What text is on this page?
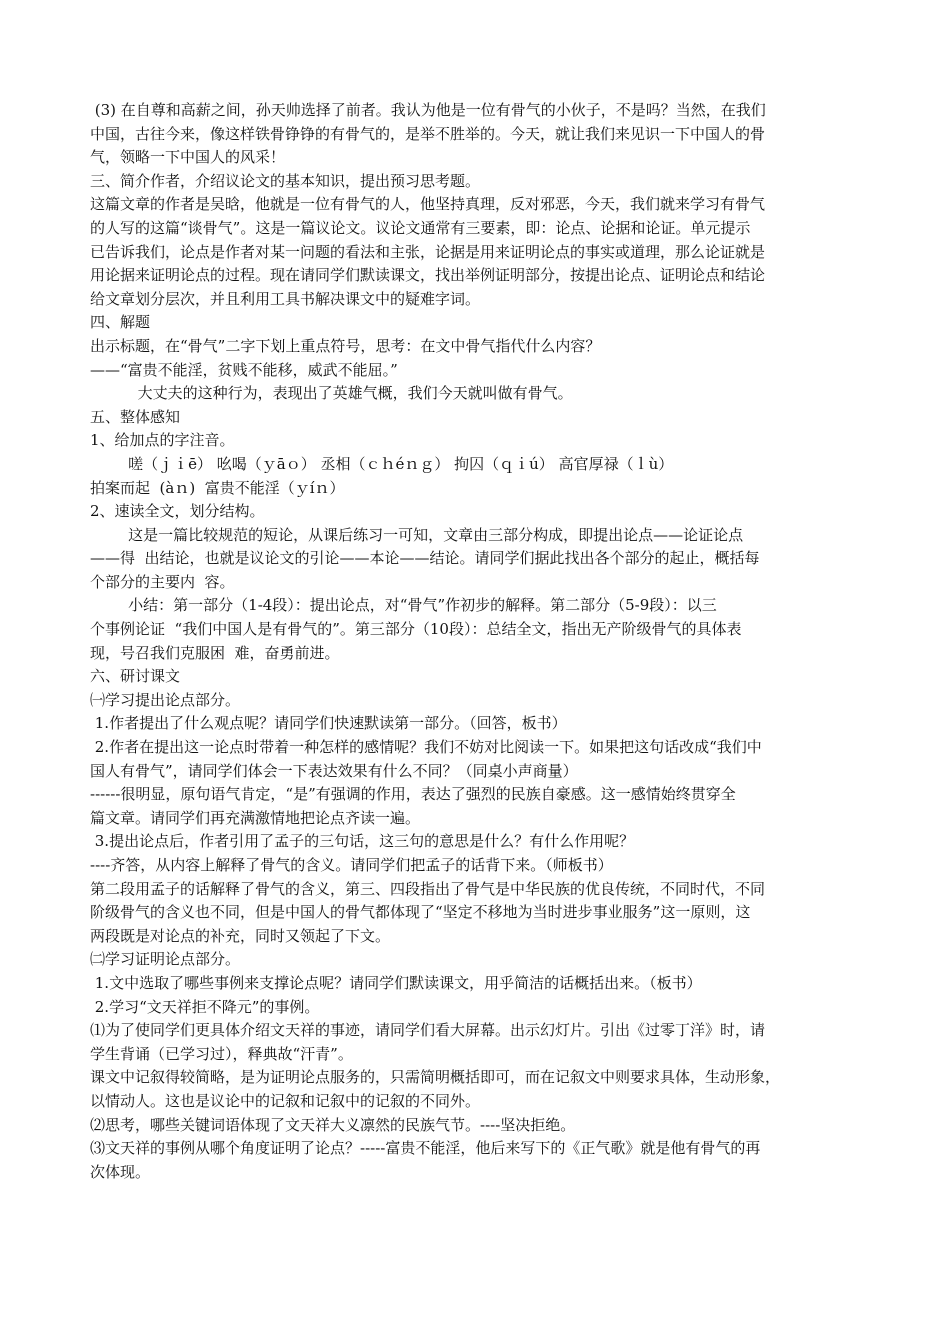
(3) 在自尊和高薪之间，孙天帅选择了前者。我认为他是一位有骨气的小伙子，不是吗？当然，在我们
中国，古往今来，像这样铁骨铮铮的有骨气的，是举不胜举的。今天，就让我们来见识一下中国人的骨
气，领略一下中国人的风采！
三、简介作者，介绍议论文的基本知识，提出预习思考题。
这篇文章的作者是吴晗，他就是一位有骨气的人，他坚持真理，反对邪恶，今天，我们就来学习有骨气
的人写的这篇“谈骨气”。这是一篇议论文。议论文通常有三要素，即：论点、论据和论证。单元提示
已告诉我们，论点是作者对某一问题的看法和主张，论据是用来证明论点的事实或道理，那么论证就是
用论据来证明论点的过程。现在请同学们默读课文，找出举例证明部分，按提出论点、证明论点和结论
给文章划分层次，并且利用工具书解决课文中的疑难字词。
四、解题
出示标题，在“骨气”二字下划上重点符号，思考：在文中骨气指代什么内容？
——“富贵不能淫，贫贱不能移，威武不能屈。”
大丈夫的这种行为，表现出了英雄气概，我们今天就叫做有骨气。
五、整体感知
1、给加点的字注音。
嗟（ｊｉē） 吆喝（ｙāｏ） 丞相（ｃｈéｎｇ） 拘囚（ｑｉú） 高官厚禄（ｌù）
拍案而起  (àｎ)  富贵不能淫（ｙíｎ）
2、速读全文，划分结构。
这是一篇比较规范的短论，从课后练习一可知，文章由三部分构成，即提出论点——论证论点
——得  出结论，也就是议论文的引论——本论——结论。请同学们据此找出各个部分的起止，概括每
个部分的主要内  容。
小结：第一部分（1-4段）：提出论点，对“骨气”作初步的解释。第二部分（5-9段）：以三
个事例论证  “我们中国人是有骨气的”。第三部分（10段）：总结全文，指出无产阶级骨气的具体表
现，号召我们克服困  难，奋勇前进。
六、研讨课文
㈠学习提出论点部分。
1.作者提出了什么观点呢？请同学们快速默读第一部分。（回答，板书）
2.作者在提出这一论点时带着一种怎样的感情呢？我们不妨对比阅读一下。如果把这句话改成“我们中
国人有骨气”，请同学们体会一下表达效果有什么不同？（同桌小声商量）
------很明显，原句语气肯定，“是”有强调的作用，表达了强烈的民族自豪感。这一感情始终贯穿全
篇文章。请同学们再充满激情地把论点齐读一遍。
3.提出论点后，作者引用了孟子的三句话，这三句的意思是什么？有什么作用呢？
----齐答，从内容上解释了骨气的含义。请同学们把孟子的话背下来。（师板书）
第二段用孟子的话解释了骨气的含义，第三、四段指出了骨气是中华民族的优良传统，不同时代，不同
阶级骨气的含义也不同，但是中国人的骨气都体现了“坚定不移地为当时进步事业服务”这一原则，这
两段既是对论点的补充，同时又领起了下文。
㈡学习证明论点部分。
1.文中选取了哪些事例来支撑论点呢？请同学们默读课文，用乎简洁的话概括出来。（板书）
2.学习“文天祥拒不降元”的事例。
⑴为了使同学们更具体介绍文天祥的事迹，请同学们看大屏幕。出示幻灯片。引出《过零丁洋》时，请
学生背诵（已学习过），释典故“汗青”。
课文中记叙得较简略，是为证明论点服务的，只需简明概括即可，而在记叙文中则要求具体，生动形象，
以情动人。这也是议论中的记叙和记叙中的记叙的不同外。
⑵思考，哪些关键词语体现了文天祥大义凛然的民族气节。----坚决拒绝。
⑶文天祥的事例从哪个角度证明了论点？-----富贵不能淫，他后来写下的《正气歌》就是他有骨气的再
次体现。
